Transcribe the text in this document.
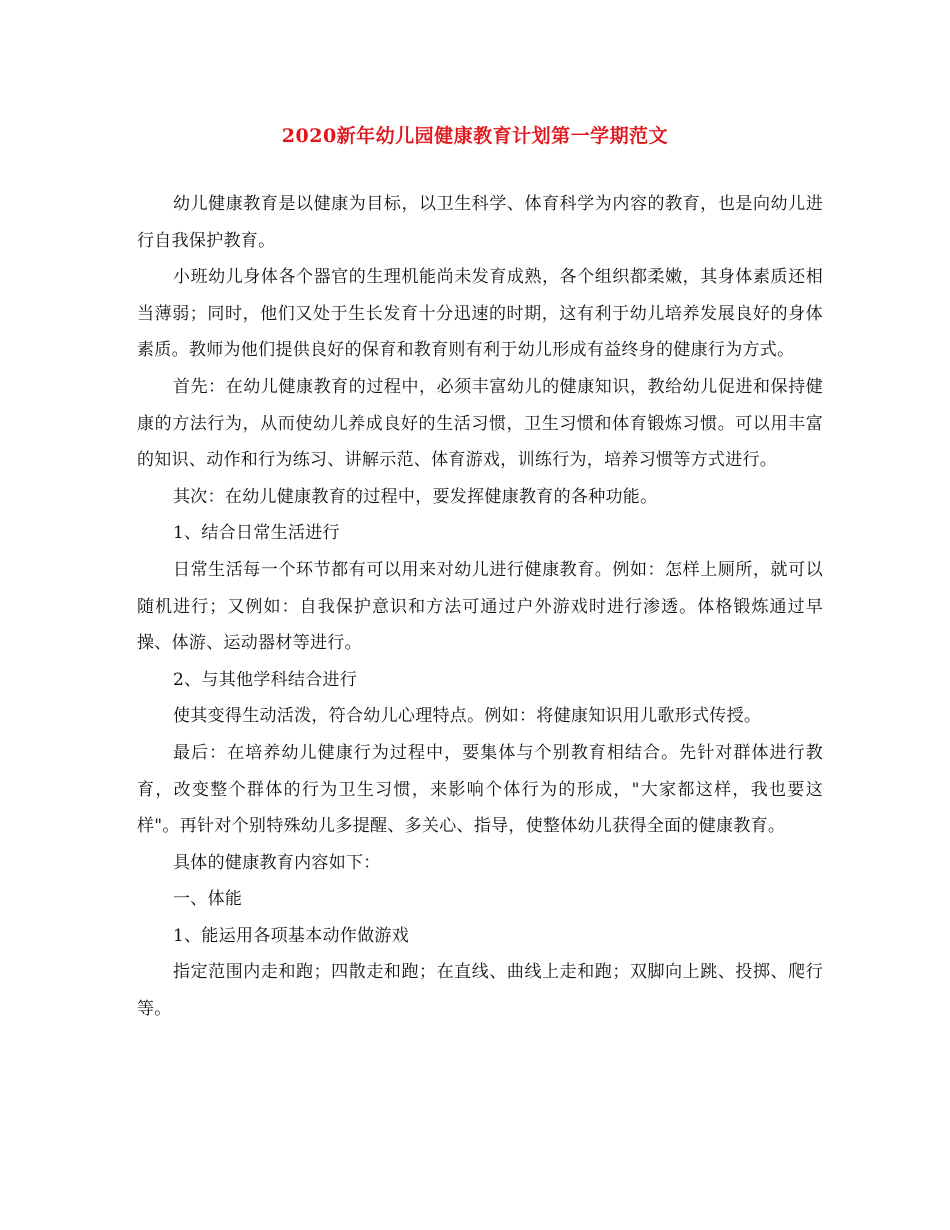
2020新年幼儿园健康教育计划第一学期范文

幼儿健康教育是以健康为目标，以卫生科学、体育科学为内容的教育，也是向幼儿进行自我保护教育。

小班幼儿身体各个器官的生理机能尚未发育成熟，各个组织都柔嫩，其身体素质还相当薄弱；同时，他们又处于生长发育十分迅速的时期，这有利于幼儿培养发展良好的身体素质。教师为他们提供良好的保育和教育则有利于幼儿形成有益终身的健康行为方式。

首先：在幼儿健康教育的过程中，必须丰富幼儿的健康知识，教给幼儿促进和保持健康的方法行为，从而使幼儿养成良好的生活习惯，卫生习惯和体育锻炼习惯。可以用丰富的知识、动作和行为练习、讲解示范、体育游戏，训练行为，培养习惯等方式进行。

其次：在幼儿健康教育的过程中，要发挥健康教育的各种功能。

1、结合日常生活进行

日常生活每一个环节都有可以用来对幼儿进行健康教育。例如：怎样上厕所，就可以随机进行；又例如：自我保护意识和方法可通过户外游戏时进行渗透。体格锻炼通过早操、体游、运动器材等进行。

2、与其他学科结合进行

使其变得生动活泼，符合幼儿心理特点。例如：将健康知识用儿歌形式传授。

最后：在培养幼儿健康行为过程中，要集体与个别教育相结合。先针对群体进行教育，改变整个群体的行为卫生习惯，来影响个体行为的形成，"大家都这样，我也要这样"。再针对个别特殊幼儿多提醒、多关心、指导，使整体幼儿获得全面的健康教育。

具体的健康教育内容如下：

一、体能

1、能运用各项基本动作做游戏

指定范围内走和跑；四散走和跑；在直线、曲线上走和跑；双脚向上跳、投掷、爬行等。
